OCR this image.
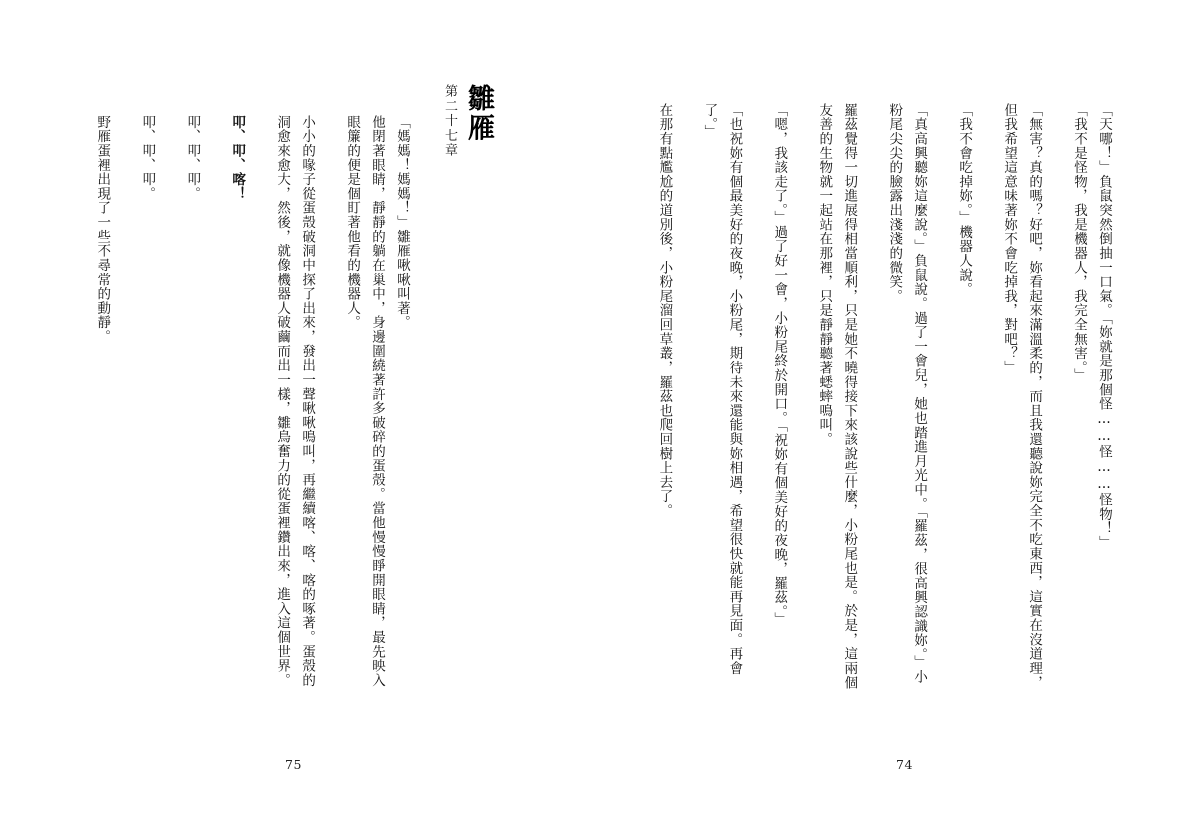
第二十七章 雛雁
野雁蛋裡出現了一些不尋常的動靜。	叩、叩、叩。	叩、叩、叩。	叩、叩、喀！	小小的喙子從蛋殼破洞中探了出來，發出一聲啾啾鳴叫，再繼續喀、喀、喀的啄著。蛋殼的洞愈來愈大，然後，就像機器人破繭而出一樣，雛鳥奮力的從蛋裡鑽出來，進入這個世界。	他閉著眼睛，靜靜的躺在巢中，身邊圍繞著許多破碎的蛋殼。當他慢慢睜開眼睛，最先映入眼簾的便是個盯著他看的機器人。	「媽媽！媽媽！」雛雁啾啾叫著。
75
在那有點尷尬的道別後，小粉尾溜回草叢，羅茲也爬回樹上去了。	「也祝妳有個最美好的夜晚，小粉尾，期待未來還能與妳相遇，希望很快就能再見面。再會了。」	「嗯，我該走了。」過了好一會，小粉尾終於開口。「祝妳有個美好的夜晚，羅茲。」	羅茲覺得一切進展得相當順利，只是她不曉得接下來該說些什麼，小粉尾也是。於是，這兩個友善的生物就一起站在那裡，只是靜靜聽著蟋蟀鳴叫。	「真高興聽妳這麼說。」負鼠說。過了一會兒，她也踏進月光中。「羅茲，很高興認識妳。」小粉尾尖尖的臉露出淺淺的微笑。	「我不會吃掉妳。」機器人說。	「無害？真的嗎？好吧，妳看起來滿溫柔的，而且我還聽說妳完全不吃東西，這實在沒道理，但我希望這意味著妳不會吃掉我，對吧？」	「我不是怪物，我是機器人，我完全無害。」 「天哪！」負鼠突然倒抽一口氣。「妳就是那個怪……怪……怪物！」
74
